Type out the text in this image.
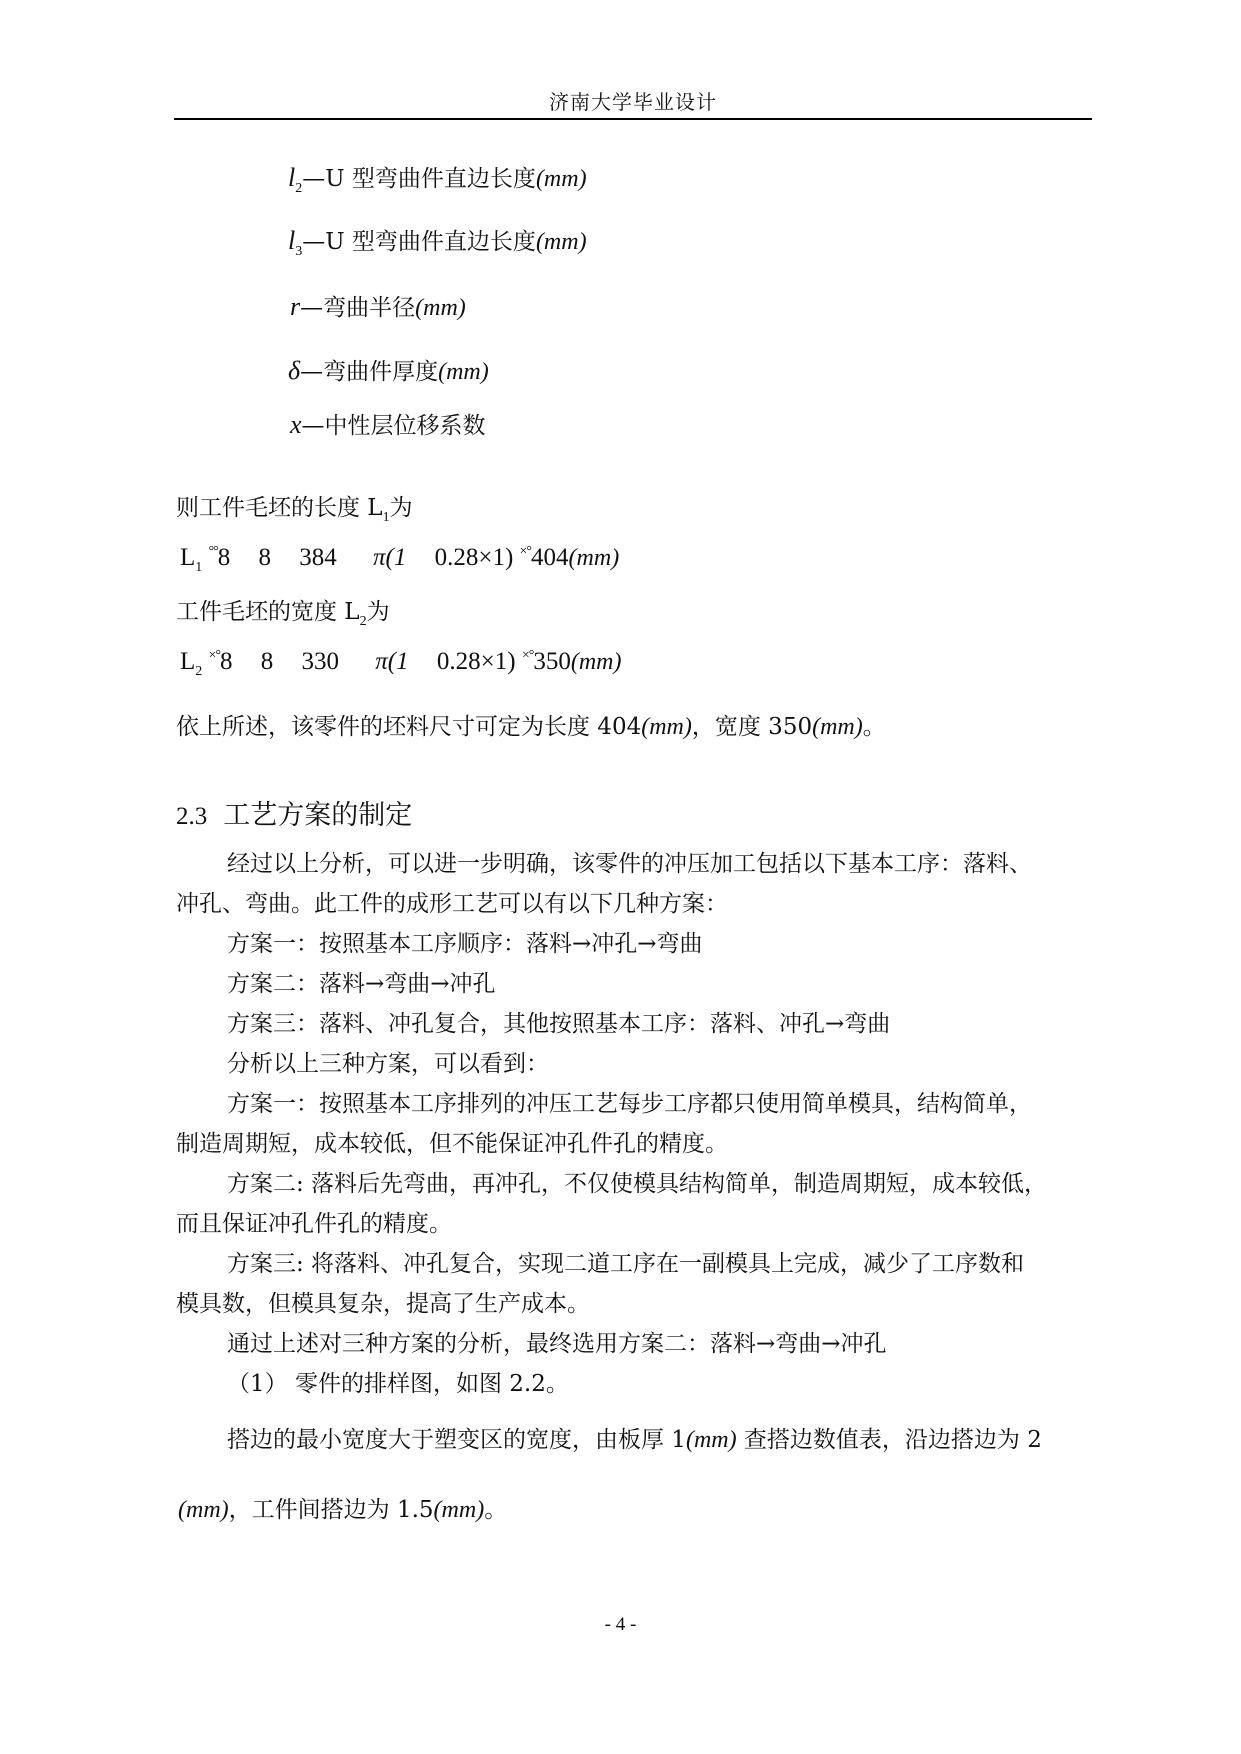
济南大学毕业设计
$l_2—U$ 型弯曲件直边长度(mm)
$l_3—U$ 型弯曲件直边长度(mm)
r—弯曲半径(mm)
δ—弯曲件厚度(mm)
x—中性层位移系数
则工件毛坯的长度 $L_1$为
$L_1$ °°8 8 384 π(1 0.28×1) ×°404(mm)
工件毛坯的宽度 $L_2$为
$L_2$ ×°8 8 330 π(1 0.28×1) ×°350(mm)
依上所述，该零件的坯料尺寸可定为长度 404(mm)，宽度 350(mm)。
2.3 工艺方案的制定
经过以上分析，可以进一步明确，该零件的冲压加工包括以下基本工序：落料、
冲孔、弯曲。此工件的成形工艺可以有以下几种方案：
方案一：按照基本工序顺序：落料→冲孔→弯曲
方案二：落料→弯曲→冲孔
方案三：落料、冲孔复合，其他按照基本工序：落料、冲孔→弯曲
分析以上三种方案，可以看到：
方案一：按照基本工序排列的冲压工艺每步工序都只使用简单模具，结构简单，
制造周期短，成本较低，但不能保证冲孔件孔的精度。
方案二: 落料后先弯曲，再冲孔，不仅使模具结构简单，制造周期短，成本较低，
而且保证冲孔件孔的精度。
方案三: 将落料、冲孔复合，实现二道工序在一副模具上完成，减少了工序数和
模具数，但模具复杂，提高了生产成本。
通过上述对三种方案的分析，最终选用方案二：落料→弯曲→冲孔
（1） 零件的排样图，如图 2.2。
搭边的最小宽度大于塑变区的宽度，由板厚 1(mm) 查搭边数值表，沿边搭边为 2
(mm)，工件间搭边为 1.5(mm)。
- 4 -
